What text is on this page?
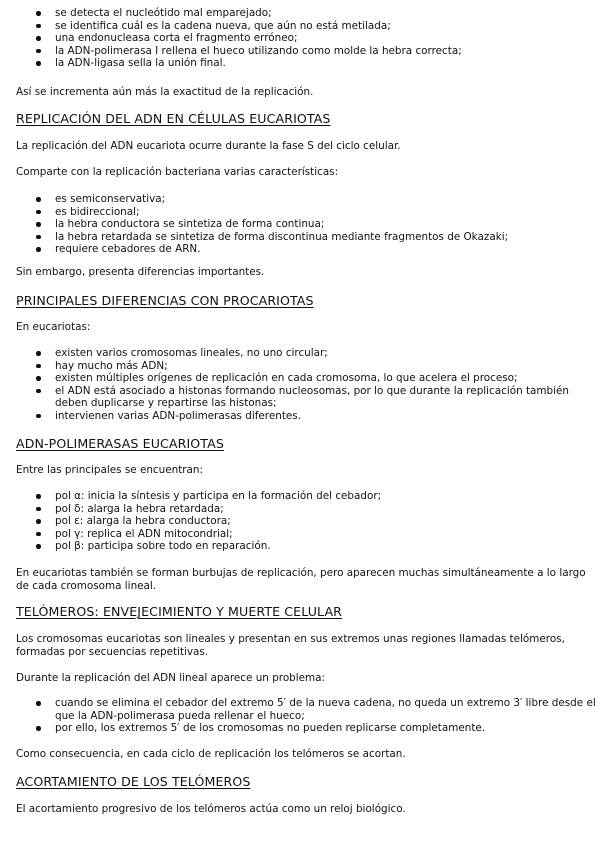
se detecta el nucleótido mal emparejado;
se identifica cuál es la cadena nueva, que aún no está metilada;
una endonucleasa corta el fragmento erróneo;
la ADN-polimerasa I rellena el hueco utilizando como molde la hebra correcta;
la ADN-ligasa sella la unión final.

Así se incrementa aún más la exactitud de la replicación.

REPLICACIÓN DEL ADN EN CÉLULAS EUCARIOTAS

La replicación del ADN eucariota ocurre durante la fase S del ciclo celular.

Comparte con la replicación bacteriana varias características:

es semiconservativa;
es bidireccional;
la hebra conductora se sintetiza de forma continua;
la hebra retardada se sintetiza de forma discontinua mediante fragmentos de Okazaki;
requiere cebadores de ARN.

Sin embargo, presenta diferencias importantes.

PRINCIPALES DIFERENCIAS CON PROCARIOTAS

En eucariotas:

existen varios cromosomas lineales, no uno circular;
hay mucho más ADN;
existen múltiples orígenes de replicación en cada cromosoma, lo que acelera el proceso;
el ADN está asociado a histonas formando nucleosomas, por lo que durante la replicación también deben duplicarse y repartirse las histonas;
intervienen varias ADN-polimerasas diferentes.
ADN-POLIMERASAS EUCARIOTAS

Entre las principales se encuentran:

pol α: inicia la síntesis y participa en la formación del cebador;
pol δ: alarga la hebra retardada;
pol ε: alarga la hebra conductora;
pol γ: replica el ADN mitocondrial;
pol β: participa sobre todo en reparación.

En eucariotas también se forman burbujas de replicación, pero aparecen muchas simultáneamente a lo largo de cada cromosoma lineal.

TELÓMEROS: ENVEJECIMIENTO Y MUERTE CELULAR

Los cromosomas eucariotas son lineales y presentan en sus extremos unas regiones llamadas telómeros, formadas por secuencias repetitivas.

Durante la replicación del ADN lineal aparece un problema:

cuando se elimina el cebador del extremo 5′ de la nueva cadena, no queda un extremo 3′ libre desde el que la ADN-polimerasa pueda rellenar el hueco;
por ello, los extremos 5′ de los cromosomas no pueden replicarse completamente.

Como consecuencia, en cada ciclo de replicación los telómeros se acortan.

ACORTAMIENTO DE LOS TELÓMEROS

El acortamiento progresivo de los telómeros actúa como un reloj biológico.
